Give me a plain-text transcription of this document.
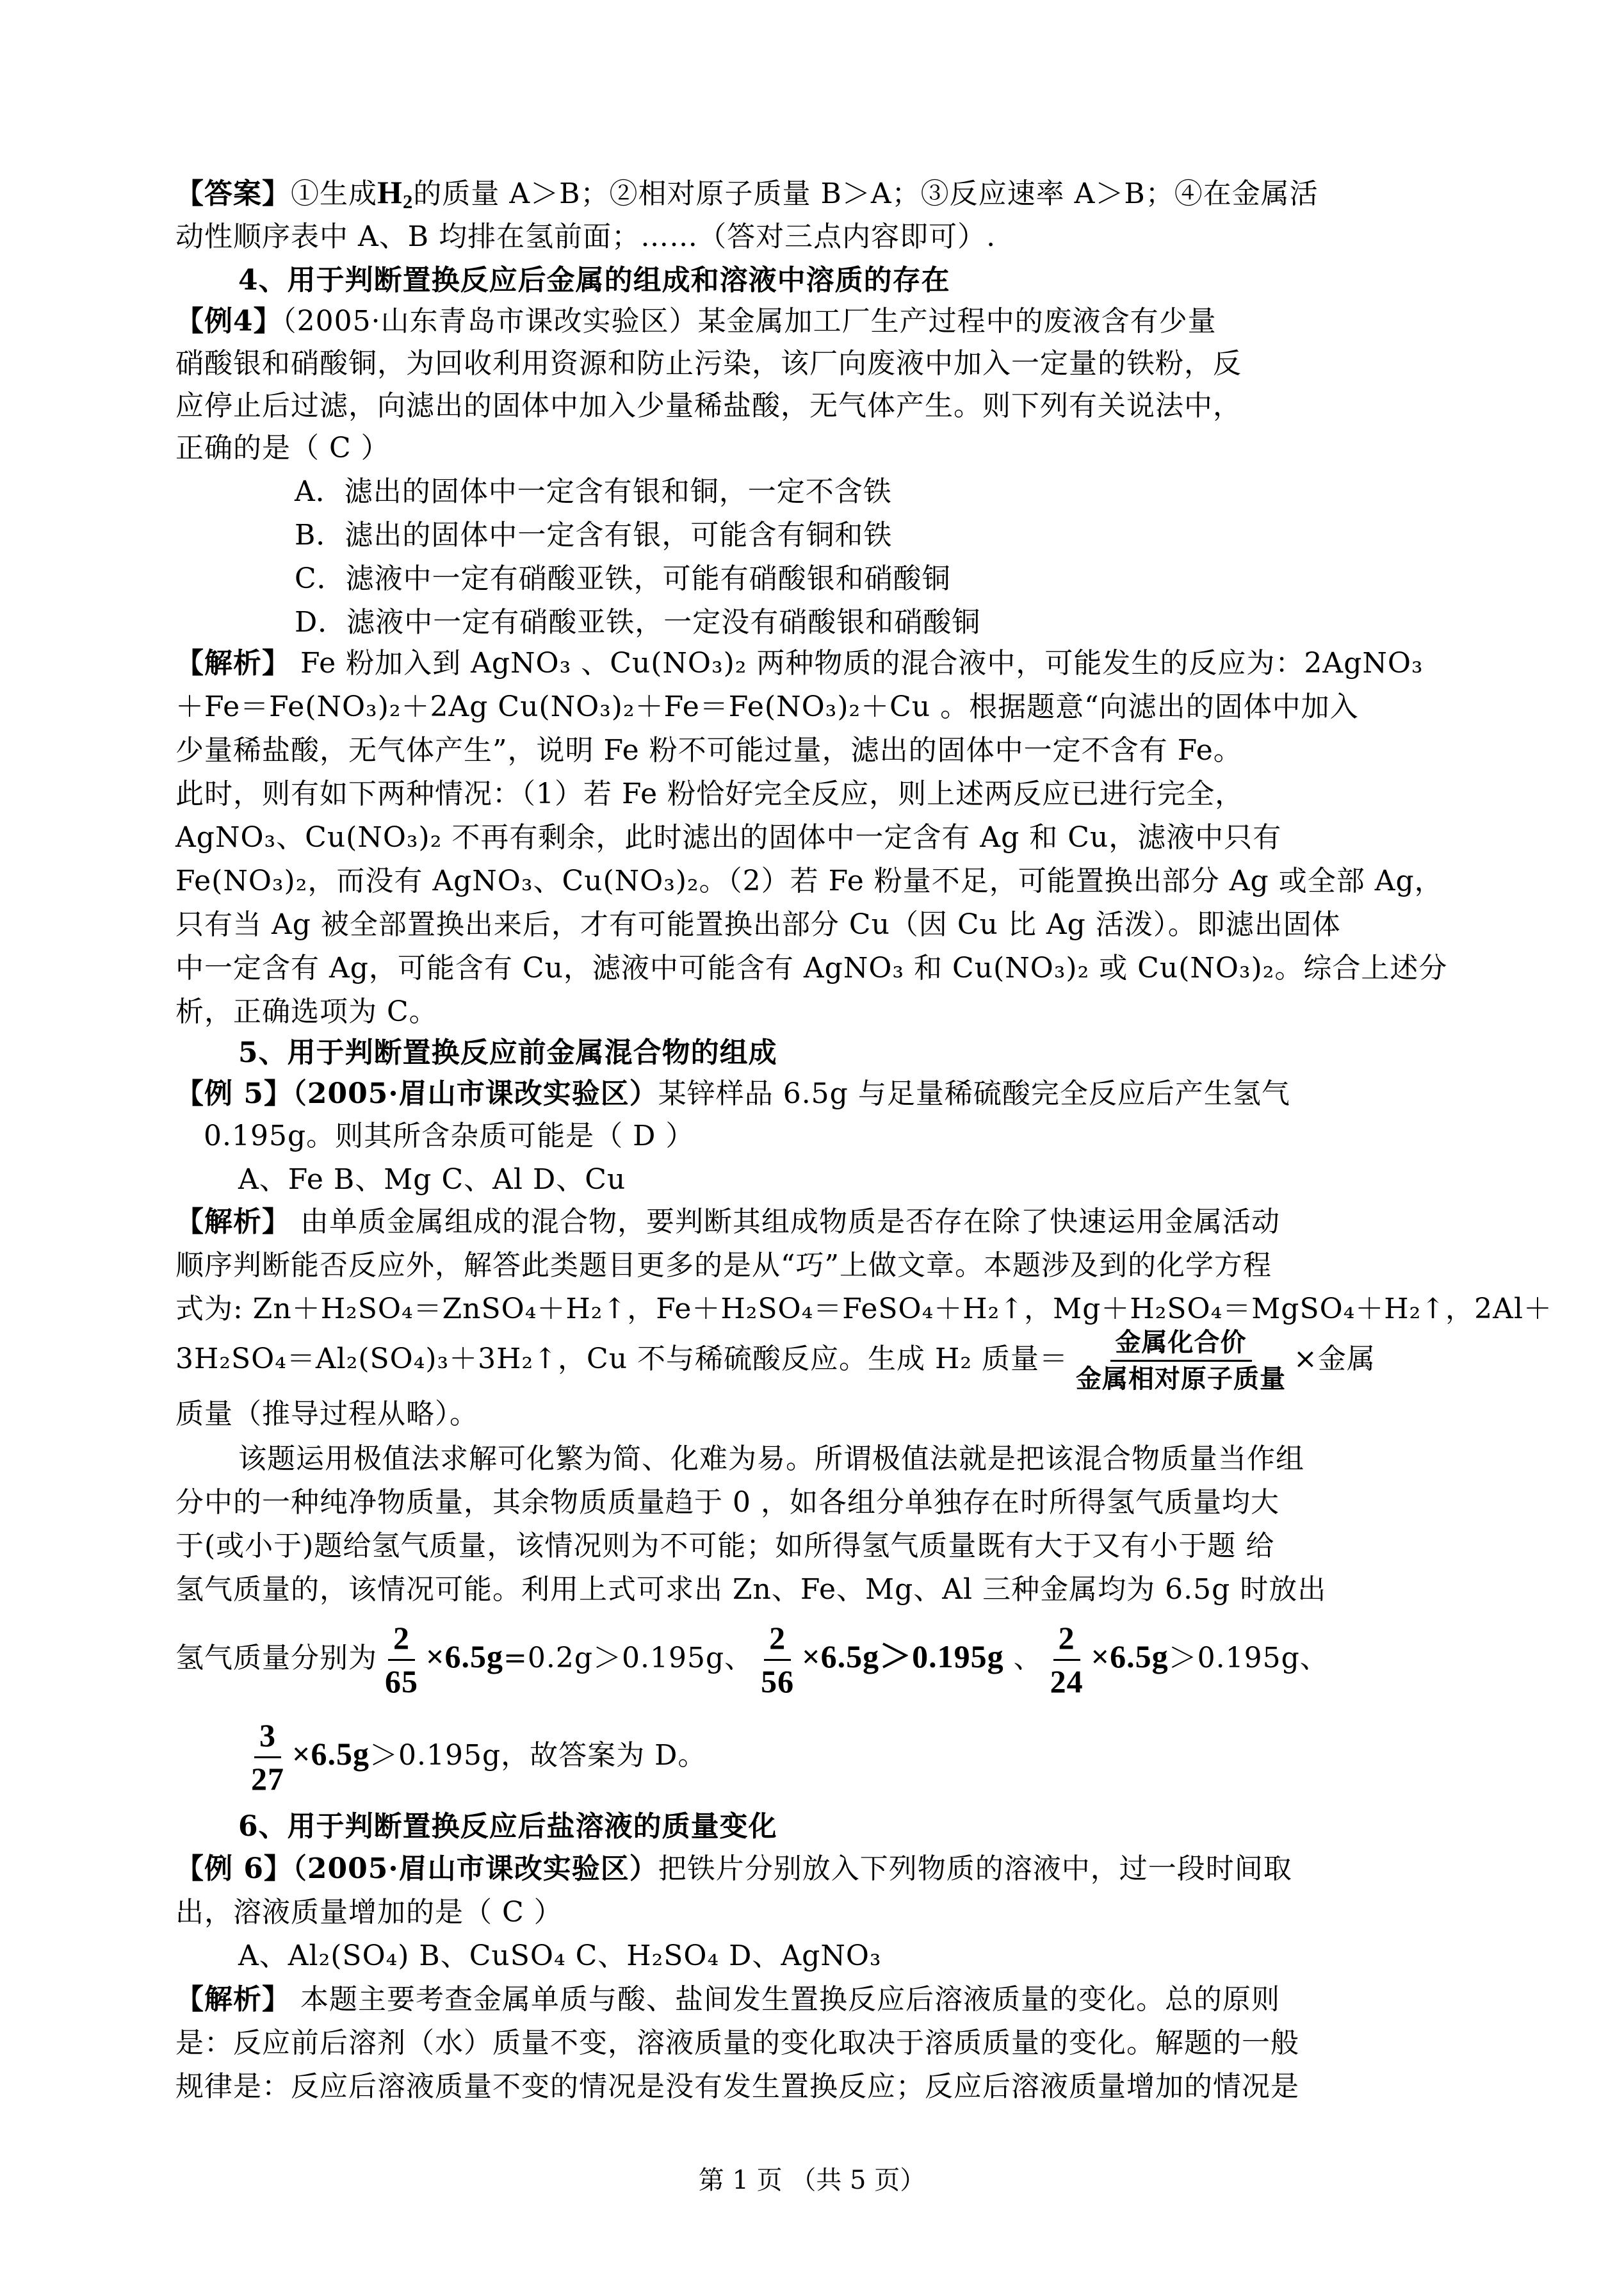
【答案】①生成$H_2$的质量 A＞B；②相对原子质量 B＞A；③反应速率 A＞B；④在金属活
动性顺序表中 A、B 均排在氢前面；……（答对三点内容即可）.
4、用于判断置换反应后金属的组成和溶液中溶质的存在
【例4】（2005·山东青岛市课改实验区）某金属加工厂生产过程中的废液含有少量
硝酸银和硝酸铜，为回收利用资源和防止污染，该厂向废液中加入一定量的铁粉，反
应停止后过滤，向滤出的固体中加入少量稀盐酸，无气体产生。则下列有关说法中，
正确的是（ C ）
A．滤出的固体中一定含有银和铜，一定不含铁
B．滤出的固体中一定含有银，可能含有铜和铁
C．滤液中一定有硝酸亚铁，可能有硝酸银和硝酸铜
D．滤液中一定有硝酸亚铁，一定没有硝酸银和硝酸铜
【解析】 Fe 粉加入到 AgNO₃ 、Cu(NO₃)₂ 两种物质的混合液中，可能发生的反应为：2AgNO₃
＋Fe＝Fe(NO₃)₂＋2Ag Cu(NO₃)₂＋Fe＝Fe(NO₃)₂＋Cu 。根据题意“向滤出的固体中加入
少量稀盐酸，无气体产生”，说明 Fe 粉不可能过量，滤出的固体中一定不含有 Fe。
此时，则有如下两种情况：（1）若 Fe 粉恰好完全反应，则上述两反应已进行完全，
AgNO₃、Cu(NO₃)₂ 不再有剩余，此时滤出的固体中一定含有 Ag 和 Cu，滤液中只有
Fe(NO₃)₂，而没有 AgNO₃、Cu(NO₃)₂。（2）若 Fe 粉量不足，可能置换出部分 Ag 或全部 Ag，
只有当 Ag 被全部置换出来后，才有可能置换出部分 Cu（因 Cu 比 Ag 活泼）。即滤出固体
中一定含有 Ag，可能含有 Cu，滤液中可能含有 AgNO₃ 和 Cu(NO₃)₂ 或 Cu(NO₃)₂。综合上述分
析，正确选项为 C。
5、用于判断置换反应前金属混合物的组成
【例 5】（2005·眉山市课改实验区）某锌样品 6.5g 与足量稀硫酸完全反应后产生氢气
0.195g。则其所含杂质可能是（ D ）
A、Fe B、Mg C、Al D、Cu
【解析】 由单质金属组成的混合物，要判断其组成物质是否存在除了快速运用金属活动
顺序判断能否反应外，解答此类题目更多的是从“巧”上做文章。本题涉及到的化学方程
式为: Zn＋H₂SO₄＝ZnSO₄＋H₂↑，Fe＋H₂SO₄＝FeSO₄＋H₂↑，Mg＋H₂SO₄＝MgSO₄＋H₂↑，2Al＋
3H₂SO₄＝Al₂(SO₄)₃＋3H₂↑，Cu 不与稀硫酸反应。生成 H₂ 质量＝ $\frac{\text{金属化合价}}{\text{金属相对原子质量}}$ ×金属
质量（推导过程从略）。
该题运用极值法求解可化繁为简、化难为易。所谓极值法就是把该混合物质量当作组
分中的一种纯净物质量，其余物质质量趋于 0 ，如各组分单独存在时所得氢气质量均大
于(或小于)题给氢气质量，该情况则为不可能；如所得氢气质量既有大于又有小于题 给
氢气质量的，该情况可能。利用上式可求出 Zn、Fe、Mg、Al 三种金属均为 6.5g 时放出
氢气质量分别为 $\frac{2}{65} \times 6.5g=0.2g>0.195g$、 $\frac{2}{56} \times 6.5g>0.195g$ 、 $\frac{2}{24} \times 6.5g>0.195g$、
$\frac{3}{27} \times 6.5g>0.195g$，故答案为 D。
6、用于判断置换反应后盐溶液的质量变化
【例 6】（2005·眉山市课改实验区）把铁片分别放入下列物质的溶液中，过一段时间取
出，溶液质量增加的是（ C ）
A、Al₂(SO₄) B、CuSO₄ C、H₂SO₄ D、AgNO₃
【解析】 本题主要考查金属单质与酸、盐间发生置换反应后溶液质量的变化。总的原则
是：反应前后溶剂（水）质量不变，溶液质量的变化取决于溶质质量的变化。解题的一般
规律是：反应后溶液质量不变的情况是没有发生置换反应；反应后溶液质量增加的情况是
第 1 页 （共 5 页）
